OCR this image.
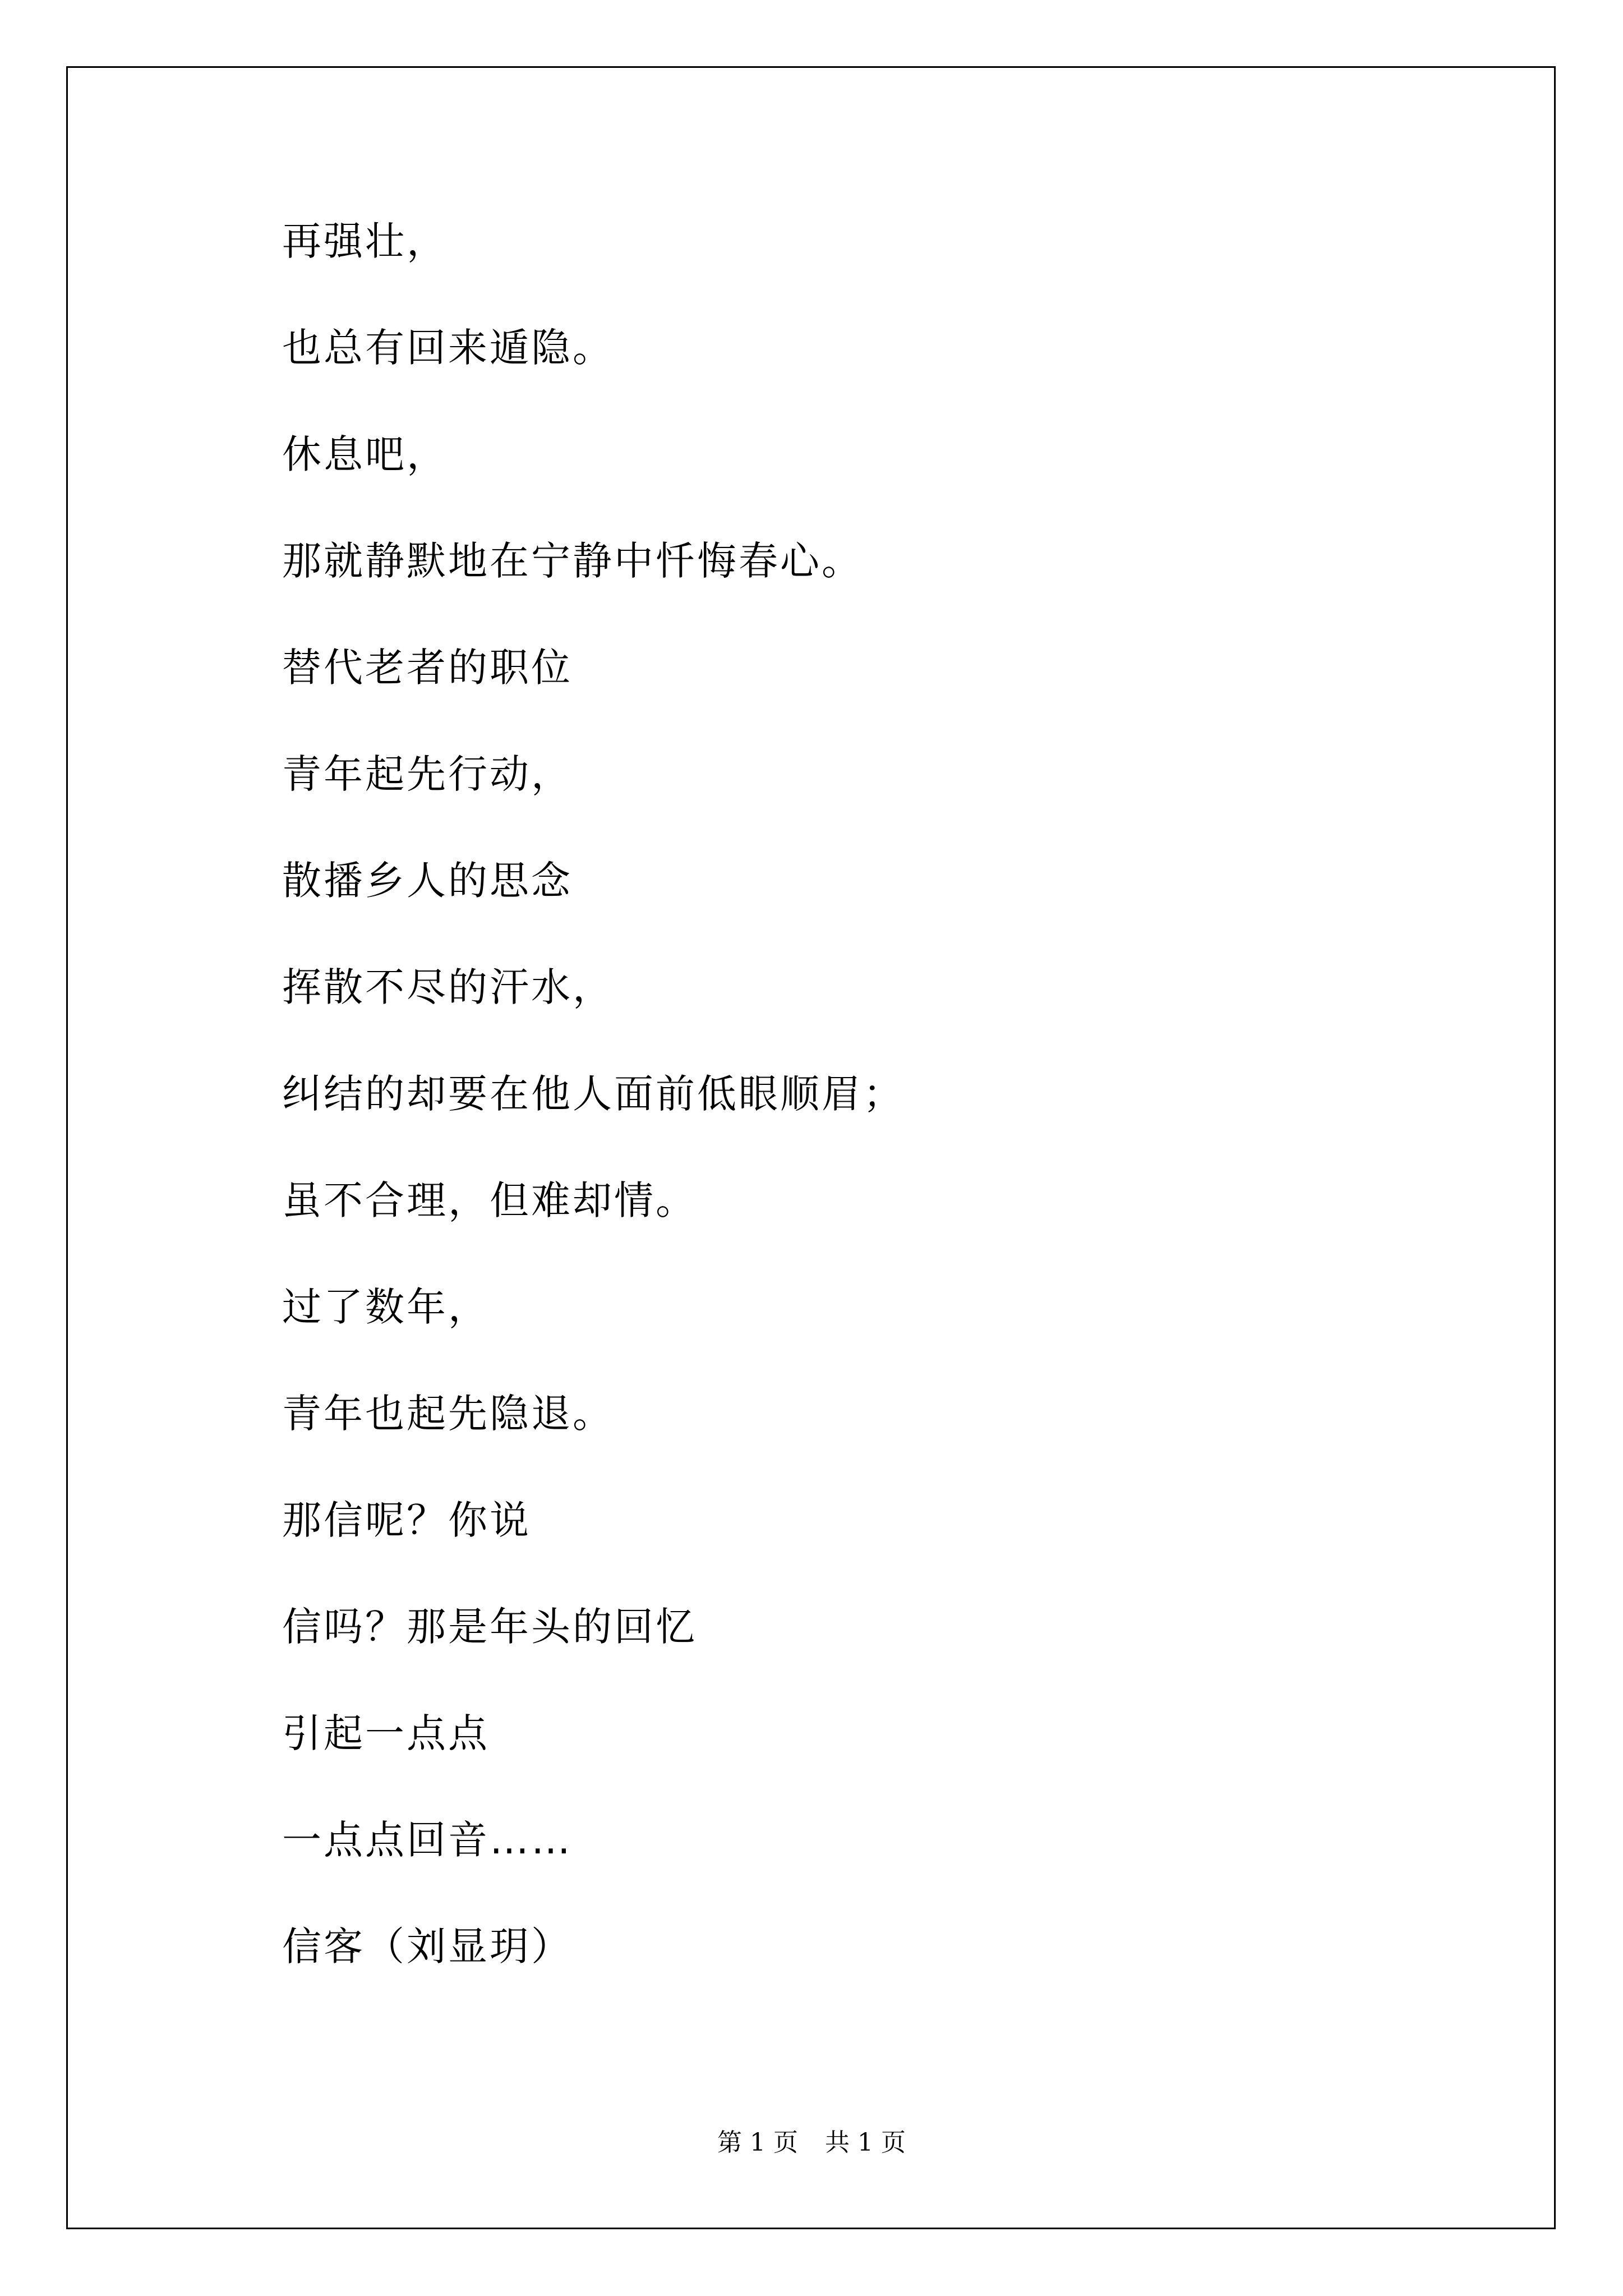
再强壮，
也总有回来遁隐。
休息吧，
那就静默地在宁静中忏悔春心。
替代老者的职位
青年起先行动，
散播乡人的思念
挥散不尽的汗水，
纠结的却要在他人面前低眼顺眉；
虽不合理，但难却情。
过了数年，
青年也起先隐退。
那信呢？你说
信吗？那是年头的回忆
引起一点点
一点点回音……
信客（刘显玥）
第 1 页 共 1 页
